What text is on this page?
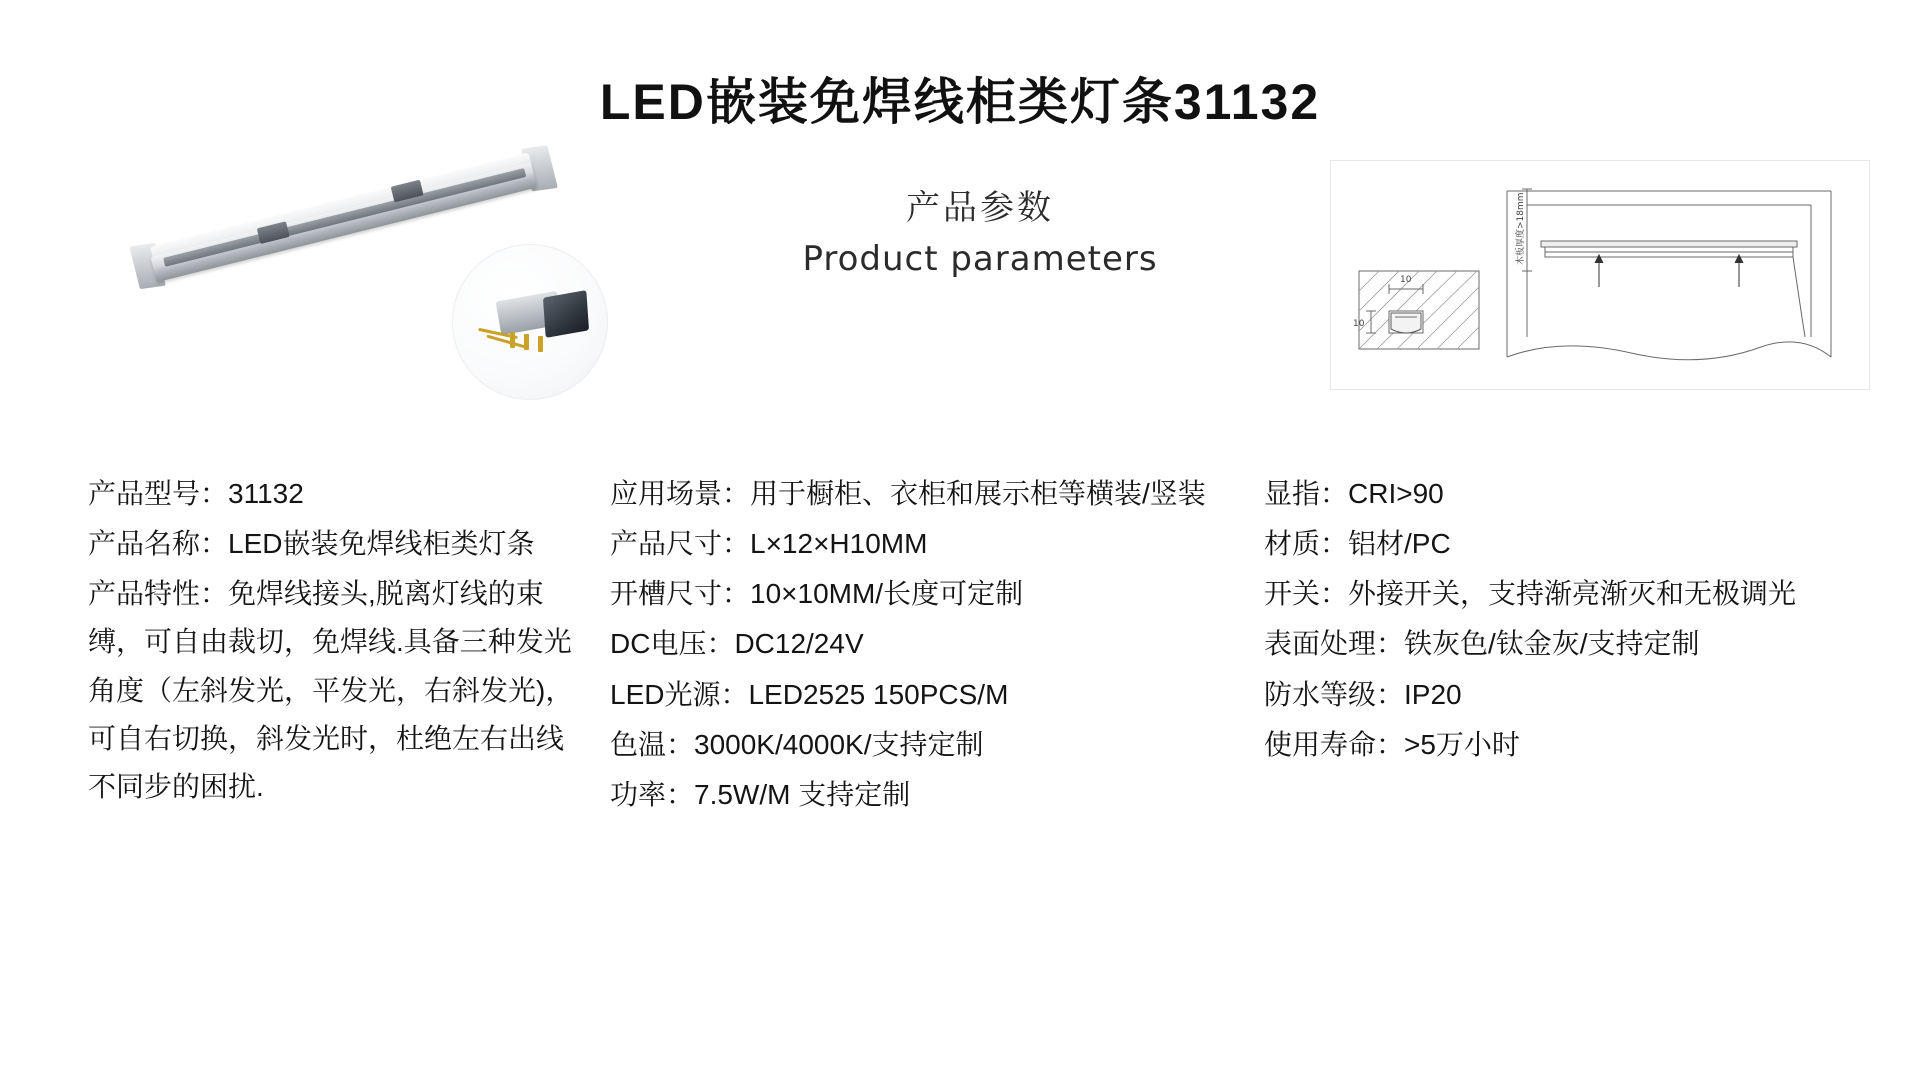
LED嵌装免焊线柜类灯条31132
产品参数
Product parameters
10
10
木板厚度>18mm

产品型号：31132

产品名称：LED嵌装免焊线柜类灯条

产品特性：免焊线接头,脱离灯线的束缚，可自由裁切，免焊线.具备三种发光角度（左斜发光，平发光，右斜发光)，可自右切换，斜发光时，杜绝左右出线不同步的困扰.

应用场景：用于橱柜、衣柜和展示柜等横装/竖装

产品尺寸：L×12×H10MM

开槽尺寸：10×10MM/长度可定制

DC电压：DC12/24V

LED光源：LED2525 150PCS/M

色温：3000K/4000K/支持定制

功率：7.5W/M 支持定制

显指：CRI>90

材质：铝材/PC

开关：外接开关，支持渐亮渐灭和无极调光

表面处理：铁灰色/钛金灰/支持定制

防水等级：IP20

使用寿命：>5万小时
